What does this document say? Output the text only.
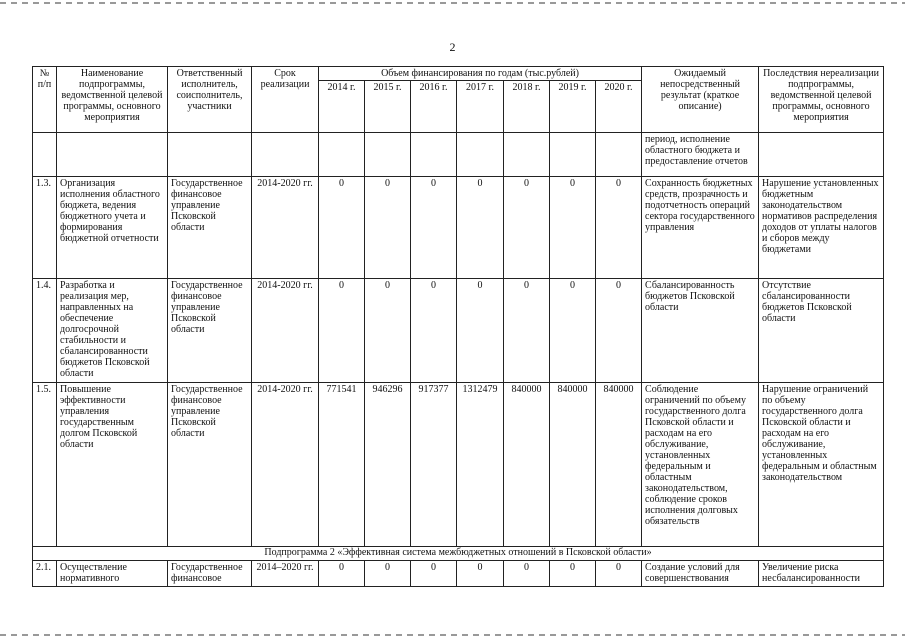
2
№
п/п	Наименование подпрограммы, ведомственной целевой программы, основного мероприятия	Ответственный исполнитель, соисполнитель, участники	Срок реализации	Объем финансирования по годам (тыс.рублей)							Ожидаемый непосредственный результат (краткое описание)	Последствия нереализации подпрограммы, ведомственной целевой программы, основного мероприятия
				2014 г.	2015 г.	2016 г.	2017 г.	2018 г.	2019 г.	2020 г.		
											период, исполнение областного бюджета и предоставление отчетов	
1.3.	Организация исполнения областного бюджета, ведения бюджетного учета и формирования бюджетной отчетности	Государственное финансовое управление Псковской области	2014-2020 гг.	0	0	0	0	0	0	0	Сохранность бюджетных средств, прозрачность и подотчетность операций сектора государственного управления	Нарушение установленных бюджетным законодательством нормативов распределения доходов от уплаты налогов и сборов между бюджетами
1.4.	Разработка и реализация мер, направленных на обеспечение долгосрочной стабильности и сбалансированности бюджетов Псковской области	Государственное финансовое управление Псковской области	2014-2020 гг.	0	0	0	0	0	0	0	Сбалансированность бюджетов Псковской области	Отсутствие сбалансированности бюджетов Псковской области
1.5.	Повышение эффективности управления государственным долгом Псковской области	Государственное финансовое управление Псковской области	2014-2020 гг.	771541	946296	917377	1312479	840000	840000	840000	Соблюдение ограничений по объему государственного долга Псковской области и расходам на его обслуживание, установленных федеральным и областным законодательством, соблюдение сроков исполнения долговых обязательств	Нарушение ограничений по объему государственного долга Псковской области и расходам на его обслуживание, установленных федеральным и областным законодательством
Подпрограмма 2 «Эффективная система межбюджетных отношений в Псковской области»												
2.1.	Осуществление нормативного	Государственное финансовое	2014–2020 гг.	0	0	0	0	0	0	0	Создание условий для совершенствования	Увеличение риска несбалансированности
